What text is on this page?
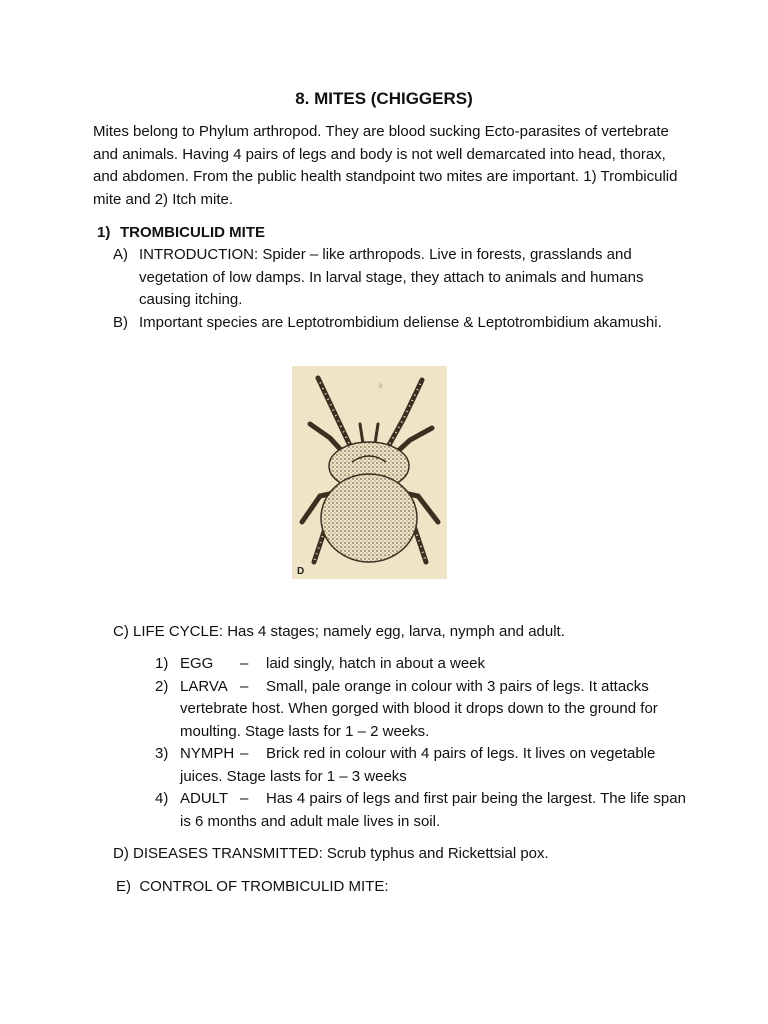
8. MITES (CHIGGERS)

Mites belong to Phylum arthropod. They are blood sucking Ecto-parasites of vertebrate and animals. Having 4 pairs of legs and body is not well demarcated into head, thorax, and abdomen. From the public health standpoint two mites are important. 1) Trombiculid mite and 2) Itch mite.

1) TROMBICULID MITE
A) INTRODUCTION: Spider – like arthropods. Live in forests, grasslands and vegetation of low damps. In larval stage, they attach to animals and humans causing itching.
B) Important species are Leptotrombidium deliense & Leptotrombidium akamushi.
D
a
C) LIFE CYCLE: Has 4 stages; namely egg, larva, nymph and adult.
1) EGG – laid singly, hatch in about a week
2) LARVA – Small, pale orange in colour with 3 pairs of legs. It attacks vertebrate host. When gorged with blood it drops down to the ground for moulting. Stage lasts for 1 – 2 weeks.
3) NYMPH – Brick red in colour with 4 pairs of legs. It lives on vegetable juices. Stage lasts for 1 – 3 weeks
4) ADULT – Has 4 pairs of legs and first pair being the largest. The life span is 6 months and adult male lives in soil.
D) DISEASES TRANSMITTED: Scrub typhus and Rickettsial pox.
E)  CONTROL OF TROMBICULID MITE:
